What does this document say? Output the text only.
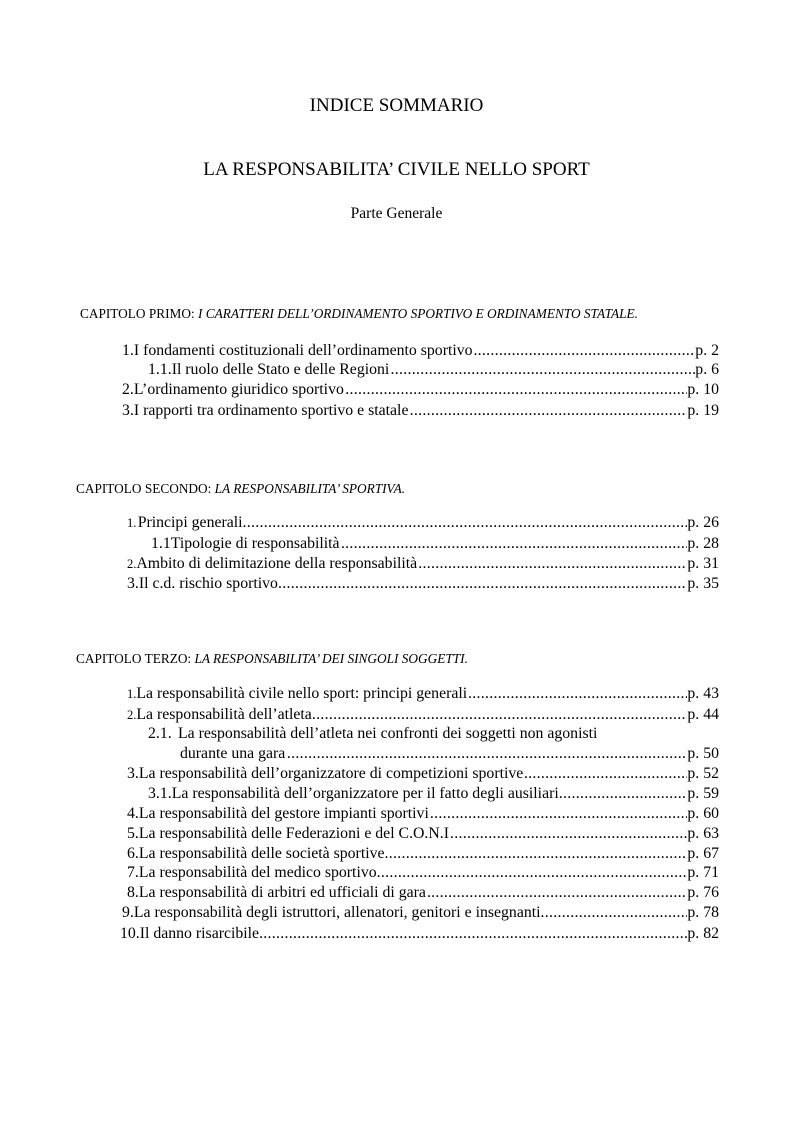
INDICE SOMMARIO
LA RESPONSABILITA’ CIVILE NELLO SPORT
Parte Generale
CAPITOLO PRIMO: I CARATTERI DELL’ORDINAMENTO SPORTIVO E ORDINAMENTO STATALE.
1. I fondamenti costituzionali dell’ordinamento sportivo .....	p. 2
1.1. Il ruolo delle Stato e delle Regioni .....	p. 6
2. L’ordinamento giuridico sportivo .....	p. 10
3. I rapporti tra ordinamento sportivo e statale .....	p. 19
CAPITOLO SECONDO: LA RESPONSABILITA’ SPORTIVA.
1. Principi generali .....	p. 26
1.1 Tipologie di responsabilità .....	p. 28
2. Ambito di delimitazione della responsabilità .....	p. 31
3. Il c.d. rischio sportivo .....	p. 35
CAPITOLO TERZO: LA RESPONSABILITA’ DEI SINGOLI SOGGETTI.
1. La responsabilità civile nello sport: principi generali .....	p. 43
2. La responsabilità dell’atleta .....	p. 44
2.1. La responsabilità dell’atleta nei confronti dei soggetti non agonisti
durante una gara .....	p. 50
3. La responsabilità dell’organizzatore di competizioni sportive .....	p. 52
3.1. La responsabilità dell’organizzatore per il fatto degli ausiliari .....	p. 59
4. La responsabilità del gestore impianti sportivi .....	p. 60
5. La responsabilità delle Federazioni e del C.O.N.I .....	p. 63
6. La responsabilità delle società sportive .....	p. 67
7. La responsabilità del medico sportivo .....	p. 71
8. La responsabilità di arbitri ed ufficiali di gara .....	p. 76
9. La responsabilità degli istruttori, allenatori, genitori e insegnanti .....	p. 78
10. Il danno risarcibile .....	p. 82
